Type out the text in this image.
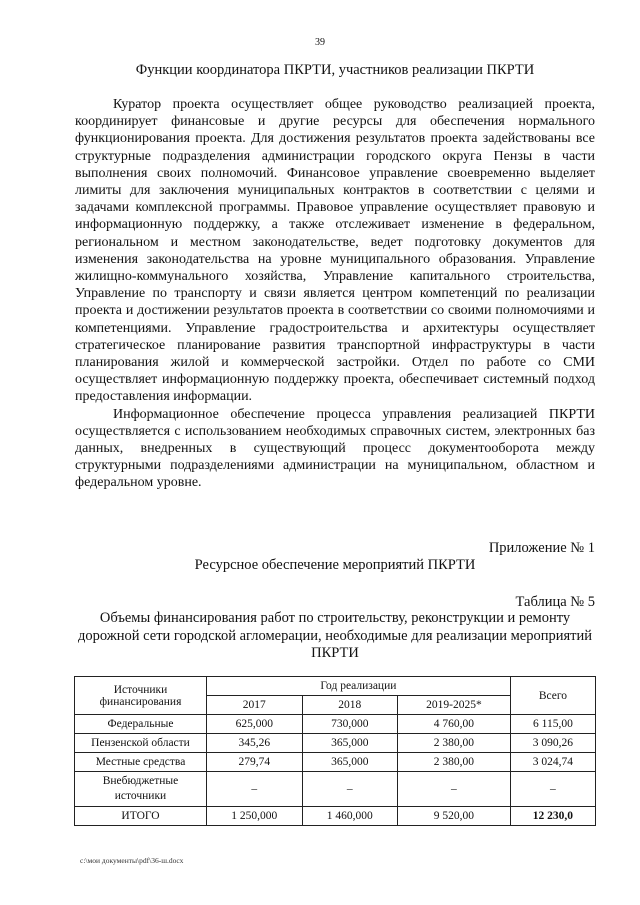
39
Функции координатора ПКРТИ, участников реализации ПКРТИ

Куратор проекта осуществляет общее руководство реализацией проекта, координирует финансовые и другие ресурсы для обеспечения нормального функционирования проекта. Для достижения результатов проекта задействованы все структурные подразделения администрации городского округа Пензы в части выполнения своих полномочий. Финансовое управление своевременно выделяет лимиты для заключения муниципальных контрактов в соответствии с целями и задачами комплексной программы. Правовое управление осуществляет правовую и информационную поддержку, а также отслеживает изменение в федеральном, региональном и местном законодательстве, ведет подготовку документов для изменения законодательства на уровне муниципального образования. Управление жилищно-коммунального хозяйства, Управление капитального строительства, Управление по транспорту и связи является центром компетенций по реализации проекта и достижении результатов проекта в соответствии со своими полномочиями и компетенциями. Управление градостроительства и архитектуры осуществляет стратегическое планирование развития транспортной инфраструктуры в части планирования жилой и коммерческой застройки. Отдел по работе со СМИ осуществляет информационную поддержку проекта, обеспечивает системный подход предоставления информации.

Информационное обеспечение процесса управления реализацией ПКРТИ осуществляется с использованием необходимых справочных систем, электронных баз данных, внедренных в существующий процесс документооборота между структурными подразделениями администрации на муниципальном, областном и федеральном уровне.

Приложение № 1
Ресурсное обеспечение мероприятий ПКРТИ
Таблица № 5
Объемы финансирования работ по строительству, реконструкции и ремонту дорожной сети городской агломерации, необходимые для реализации мероприятий ПКРТИ
Источники финансирования	Год реализации			Всего
	2017	2018	2019-2025*	
Федеральные	625,000	730,000	4 760,00	6 115,00
Пензенской области	345,26	365,000	2 380,00	3 090,26
Местные средства	279,74	365,000	2 380,00	3 024,74
Внебюджетные источники	–	–	–	–
ИТОГО	1 250,000	1 460,000	9 520,00	12 230,0
c:\мои документы\pdf\36-ш.docx
